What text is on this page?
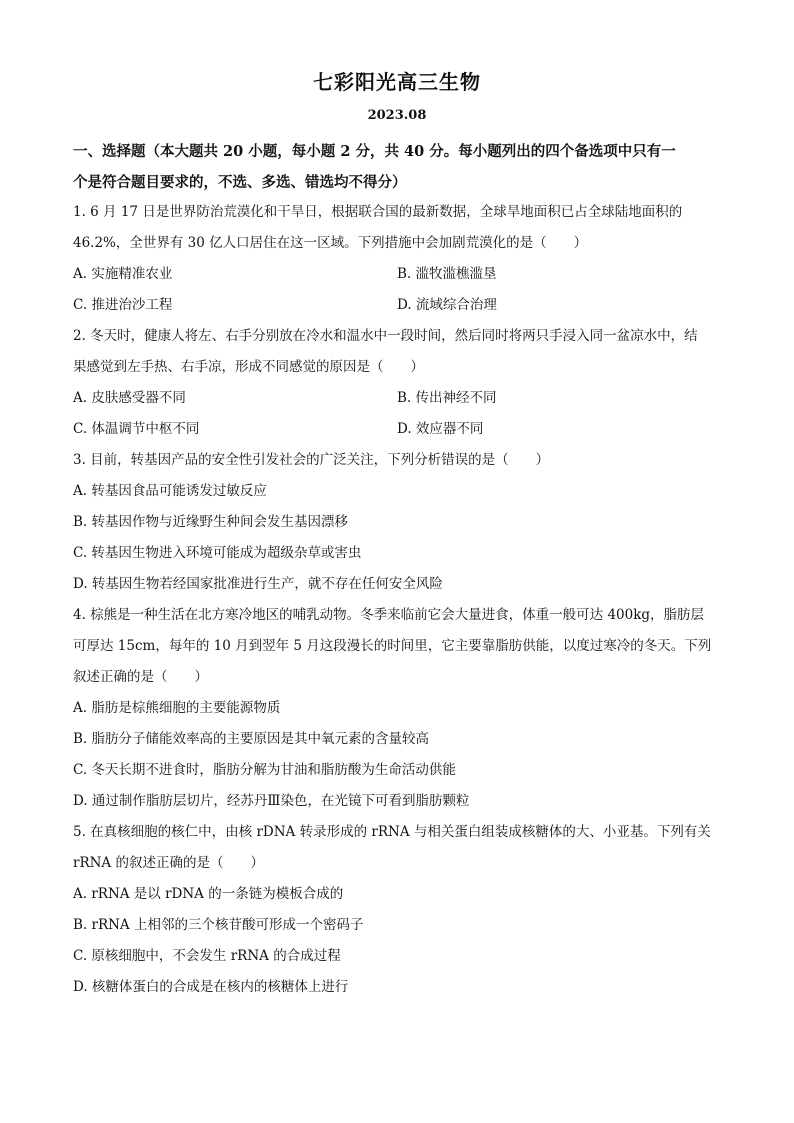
七彩阳光高三生物
2023.08
一、选择题（本大题共 20 小题，每小题 2 分，共 40 分。每小题列出的四个备选项中只有一
个是符合题目要求的，不选、多选、错选均不得分）
1. 6 月 17 日是世界防治荒漠化和干旱日，根据联合国的最新数据，全球旱地面积已占全球陆地面积的
46.2%，全世界有 30 亿人口居住在这一区域。下列措施中会加剧荒漠化的是（　　）
A. 实施精准农业	B. 滥牧滥樵滥垦
C. 推进治沙工程	D. 流域综合治理
2. 冬天时，健康人将左、右手分别放在冷水和温水中一段时间，然后同时将两只手浸入同一盆凉水中，结
果感觉到左手热、右手凉，形成不同感觉的原因是（　　）
A. 皮肤感受器不同	B. 传出神经不同
C. 体温调节中枢不同	D. 效应器不同
3. 目前，转基因产品的安全性引发社会的广泛关注，下列分析错误的是（　　）
A. 转基因食品可能诱发过敏反应
B. 转基因作物与近缘野生种间会发生基因漂移
C. 转基因生物进入环境可能成为超级杂草或害虫
D. 转基因生物若经国家批准进行生产，就不存在任何安全风险
4. 棕熊是一种生活在北方寒冷地区的哺乳动物。冬季来临前它会大量进食，体重一般可达 400kg，脂肪层
可厚达 15cm，每年的 10 月到翌年 5 月这段漫长的时间里，它主要靠脂肪供能，以度过寒冷的冬天。下列
叙述正确的是（　　）
A. 脂肪是棕熊细胞的主要能源物质
B. 脂肪分子储能效率高的主要原因是其中氧元素的含量较高
C. 冬天长期不进食时，脂肪分解为甘油和脂肪酸为生命活动供能
D. 通过制作脂肪层切片，经苏丹Ⅲ染色，在光镜下可看到脂肪颗粒
5. 在真核细胞的核仁中，由核 rDNA 转录形成的 rRNA 与相关蛋白组装成核糖体的大、小亚基。下列有关
rRNA 的叙述正确的是（　　）
A. rRNA 是以 rDNA 的一条链为模板合成的
B. rRNA 上相邻的三个核苷酸可形成一个密码子
C. 原核细胞中，不会发生 rRNA 的合成过程
D. 核糖体蛋白的合成是在核内的核糖体上进行
